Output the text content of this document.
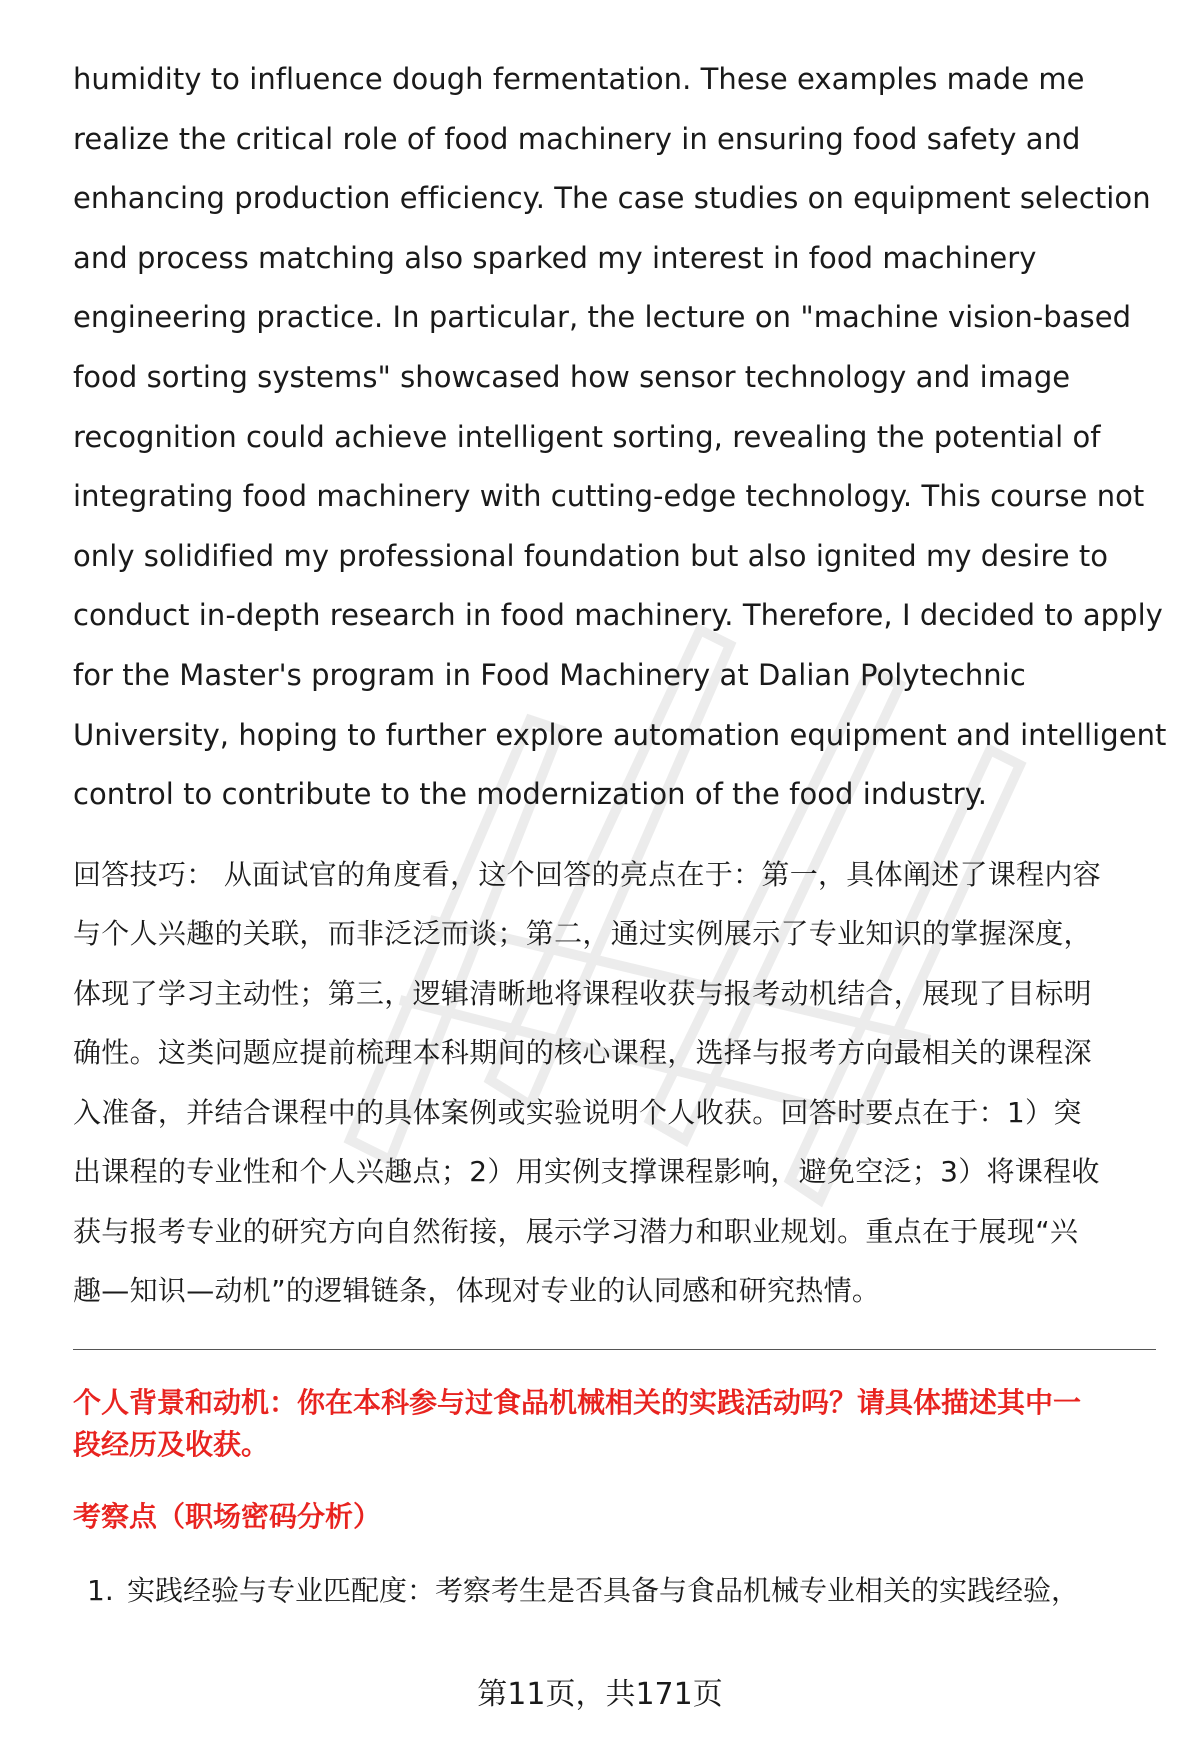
humidity to influence dough fermentation. These examples made me
realize the critical role of food machinery in ensuring food safety and
enhancing production efficiency. The case studies on equipment selection
and process matching also sparked my interest in food machinery
engineering practice. In particular, the lecture on "machine vision-based
food sorting systems" showcased how sensor technology and image
recognition could achieve intelligent sorting, revealing the potential of
integrating food machinery with cutting-edge technology. This course not
only solidified my professional foundation but also ignited my desire to
conduct in-depth research in food machinery. Therefore, I decided to apply
for the Master's program in Food Machinery at Dalian Polytechnic
University, hoping to further explore automation equipment and intelligent
control to contribute to the modernization of the food industry.

回答技巧： 从面试官的角度看，这个回答的亮点在于：第一，具体阐述了课程内容
与个人兴趣的关联，而非泛泛而谈；第二，通过实例展示了专业知识的掌握深度，
体现了学习主动性；第三，逻辑清晰地将课程收获与报考动机结合，展现了目标明
确性。这类问题应提前梳理本科期间的核心课程，选择与报考方向最相关的课程深
入准备，并结合课程中的具体案例或实验说明个人收获。回答时要点在于：1）突
出课程的专业性和个人兴趣点；2）用实例支撑课程影响，避免空泛；3）将课程收
获与报考专业的研究方向自然衔接，展示学习潜力和职业规划。重点在于展现“兴
趣—知识—动机”的逻辑链条，体现对专业的认同感和研究热情。
个人背景和动机：你在本科参与过食品机械相关的实践活动吗？请具体描述其中一
段经历及收获。
考察点（职场密码分析）
1. 实践经验与专业匹配度：考察考生是否具备与食品机械专业相关的实践经验，
第11页，共171页
